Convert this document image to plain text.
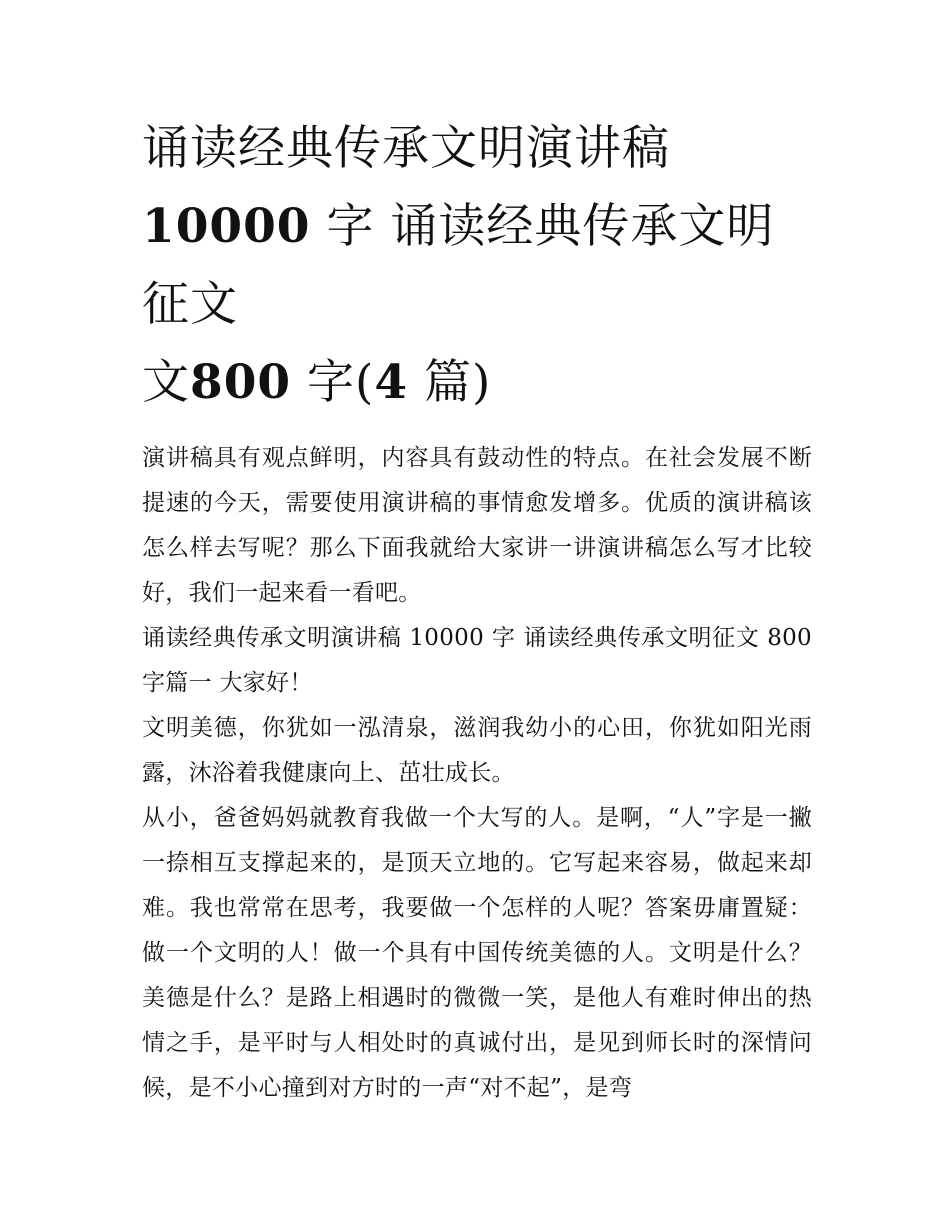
诵读经典传承文明演讲稿
10000 字 诵读经典传承文明征文
文800 字(4 篇)

演讲稿具有观点鲜明，内容具有鼓动性的特点。在社会发展不断提速的今天，需要使用演讲稿的事情愈发增多。优质的演讲稿该怎么样去写呢？那么下面我就给大家讲一讲演讲稿怎么写才比较好，我们一起来看一看吧。

诵读经典传承文明演讲稿 10000 字 诵读经典传承文明征文 800 字篇一 大家好！

文明美德，你犹如一泓清泉，滋润我幼小的心田，你犹如阳光雨露，沐浴着我健康向上、茁壮成长。

从小，爸爸妈妈就教育我做一个大写的人。是啊，“人”字是一撇一捺相互支撑起来的，是顶天立地的。它写起来容易，做起来却难。我也常常在思考，我要做一个怎样的人呢？答案毋庸置疑：做一个文明的人！做一个具有中国传统美德的人。文明是什么？美德是什么？是路上相遇时的微微一笑，是他人有难时伸出的热情之手，是平时与人相处时的真诚付出，是见到师长时的深情问候，是不小心撞到对方时的一声“对不起”，是弯
